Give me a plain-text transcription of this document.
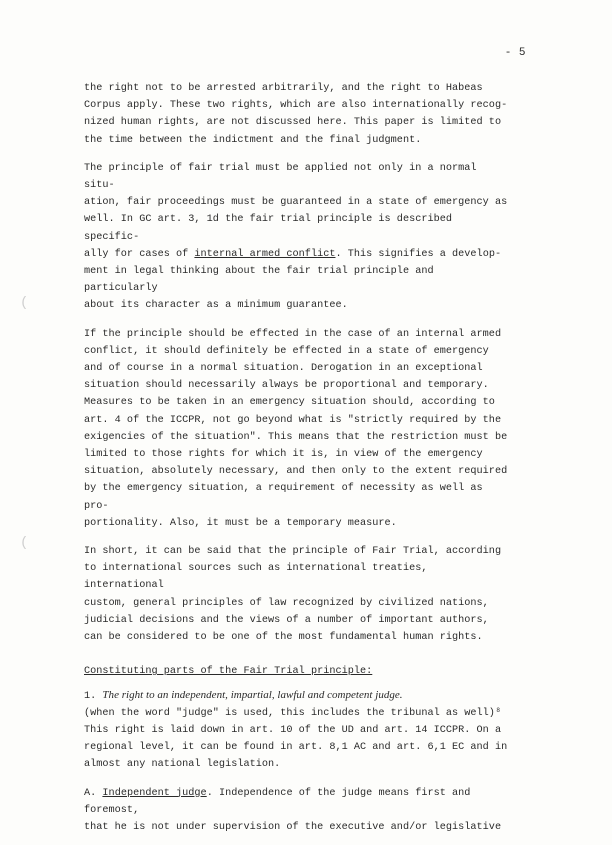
- 5
(
(

the right not to be arrested arbitrarily, and the right to Habeas
Corpus apply. These two rights, which are also internationally recog-
nized human rights, are not discussed here. This paper is limited to
the time between the indictment and the final judgment.

The principle of fair trial must be applied not only in a normal situ-
ation, fair proceedings must be guaranteed in a state of emergency as
well. In GC art. 3, 1d the fair trial principle is described specific-
ally for cases of internal armed conflict. This signifies a develop-
ment in legal thinking about the fair trial principle and particularly
about its character as a minimum guarantee.

If the principle should be effected in the case of an internal armed
conflict, it should definitely be effected in a state of emergency
and of course in a normal situation. Derogation in an exceptional
situation should necessarily always be proportional and temporary.
Measures to be taken in an emergency situation should, according to
art. 4 of the ICCPR, not go beyond what is "strictly required by the
exigencies of the situation". This means that the restriction must be
limited to those rights for which it is, in view of the emergency
situation, absolutely necessary, and then only to the extent required
by the emergency situation, a requirement of necessity as well as pro-
portionality. Also, it must be a temporary measure.

In short, it can be said that the principle of Fair Trial, according
to international sources such as international treaties, international
custom, general principles of law recognized by civilized nations,
judicial decisions and the views of a number of important authors,
can be considered to be one of the most fundamental human rights.

Constituting parts of the Fair Trial principle:

1. The right to an independent, impartial, lawful and competent judge.
(when the word "judge" is used, this includes the tribunal as well)⁸
This right is laid down in art. 10 of the UD and art. 14 ICCPR. On a
regional level, it can be found in art. 8,1 AC and art. 6,1 EC and in
almost any national legislation.

A. Independent judge. Independence of the judge means first and foremost,
that he is not under supervision of the executive and/or legislative
